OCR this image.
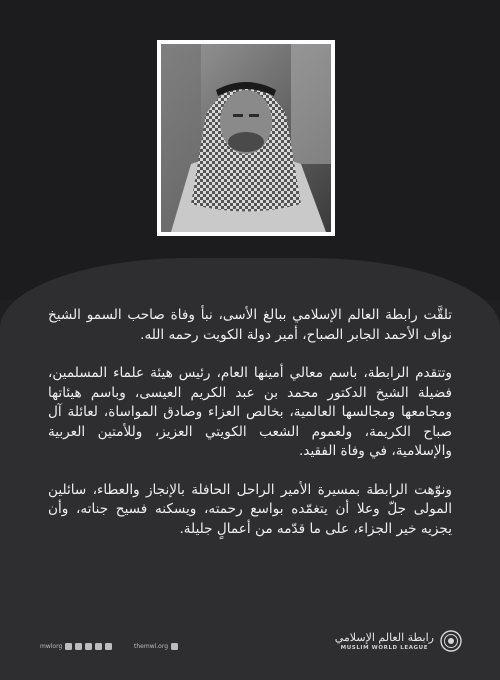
تلقَّت رابطة العالم الإسلامي ببالغ الأسى، نبأ وفاة صاحب السمو الشيخ نواف الأحمد الجابر الصباح، أمير دولة الكويت رحمه الله.

وتتقدم الرابطة، باسم معالي أمينها العام، رئيس هيئة علماء المسلمين، فضيلة الشيخ الدكتور محمد بن عبد الكريم العيسى، وباسم هيئاتها ومجامعها ومجالسها العالمية، بخالص العزاء وصادق المواساة، لعائلة آل صباح الكريمة، ولعموم الشعب الكويتي العزيز، وللأمتين العربية والإسلامية، في وفاة الفقيد.

ونوّهت الرابطة بمسيرة الأمير الراحل الحافلة بالإنجاز والعطاء، سائلين المولى جلّ وعلا أن يتغمّده بواسع رحمته، ويسكنه فسيح جناته، وأن يجزيه خير الجزاء، على ما قدّمه من أعمالٍ جليلة.

mwlorg	themwl.org
رابطة العالم الإسلامي
MUSLIM WORLD LEAGUE
